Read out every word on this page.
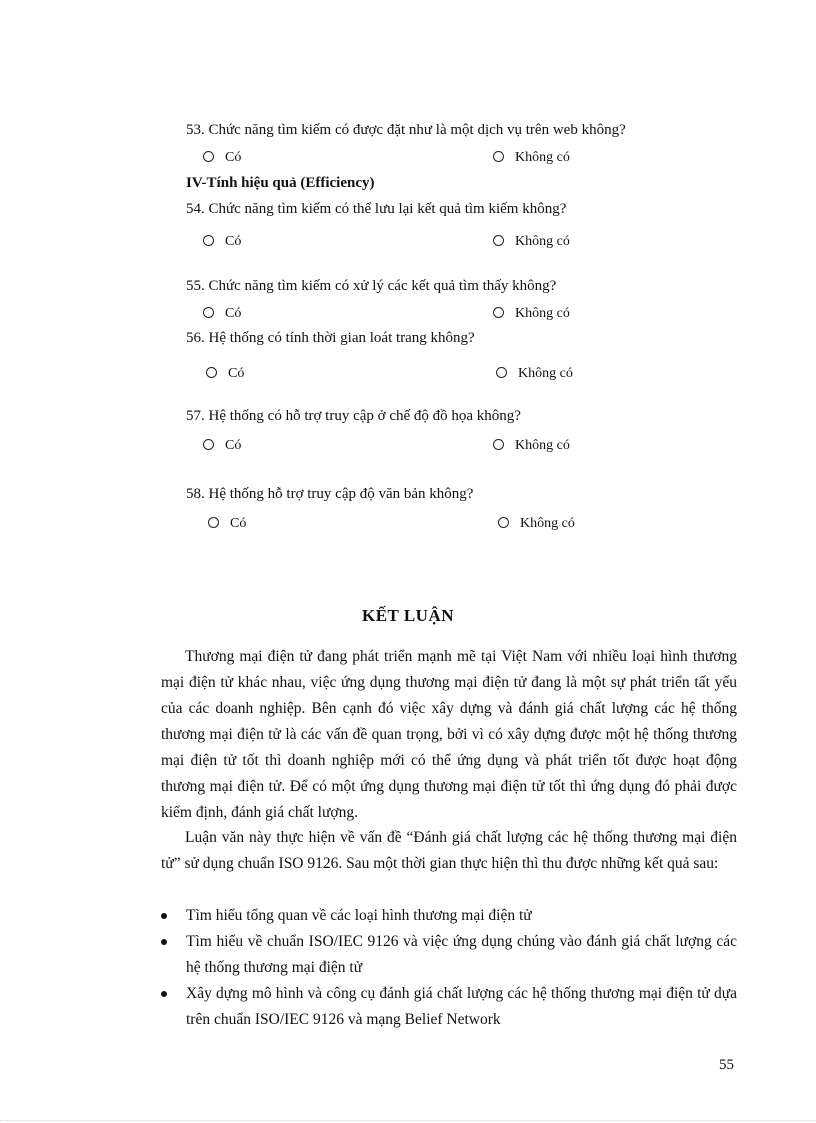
53. Chức năng tìm kiếm có được đặt như là một dịch vụ trên web không?
Có	Không có
IV-Tính hiệu quả (Efficiency)
54. Chức năng tìm kiếm có thể lưu lại kết quả tìm kiếm không?
Có	Không có
55. Chức năng tìm kiếm có xử lý các kết quả tìm thấy không?
Có	Không có
56. Hệ thống có tính thời gian loát trang không?
Có	Không có
57. Hệ thống có hỗ trợ truy cập ở chế độ đồ họa không?
Có	Không có
58. Hệ thống hỗ trợ truy cập độ văn bản không?
Có	Không có
KẾT LUẬN

Thương mại điện tử đang phát triển mạnh mẽ tại Việt Nam với nhiều loại hình thương mại điện tử khác nhau, việc ứng dụng thương mại điện tử đang là một sự phát triển tất yếu của các doanh nghiệp. Bên cạnh đó việc xây dựng và đánh giá chất lượng các hệ thống thương mại điện tử là các vấn đề quan trọng, bởi vì có xây dựng được một hệ thống thương mại điện tử tốt thì doanh nghiệp mới có thể ứng dụng và phát triển tốt được hoạt động thương mại điện tử. Để có một ứng dụng thương mại điện tử tốt thì ứng dụng đó phải được kiểm định, đánh giá chất lượng.

Luận văn này thực hiện về vấn đề “Đánh giá chất lượng các hệ thống thương mại điện tử” sử dụng chuẩn ISO 9126. Sau một thời gian thực hiện thì thu được những kết quả sau:

Tìm hiểu tổng quan về các loại hình thương mại điện tử
Tìm hiểu về chuẩn ISO/IEC 9126 và việc ứng dụng chúng vào đánh giá chất lượng các hệ thống thương mại điện tử
Xây dựng mô hình và công cụ đánh giá chất lượng các hệ thống thương mại điện tử dựa trên chuẩn ISO/IEC 9126 và mạng Belief Network
55
